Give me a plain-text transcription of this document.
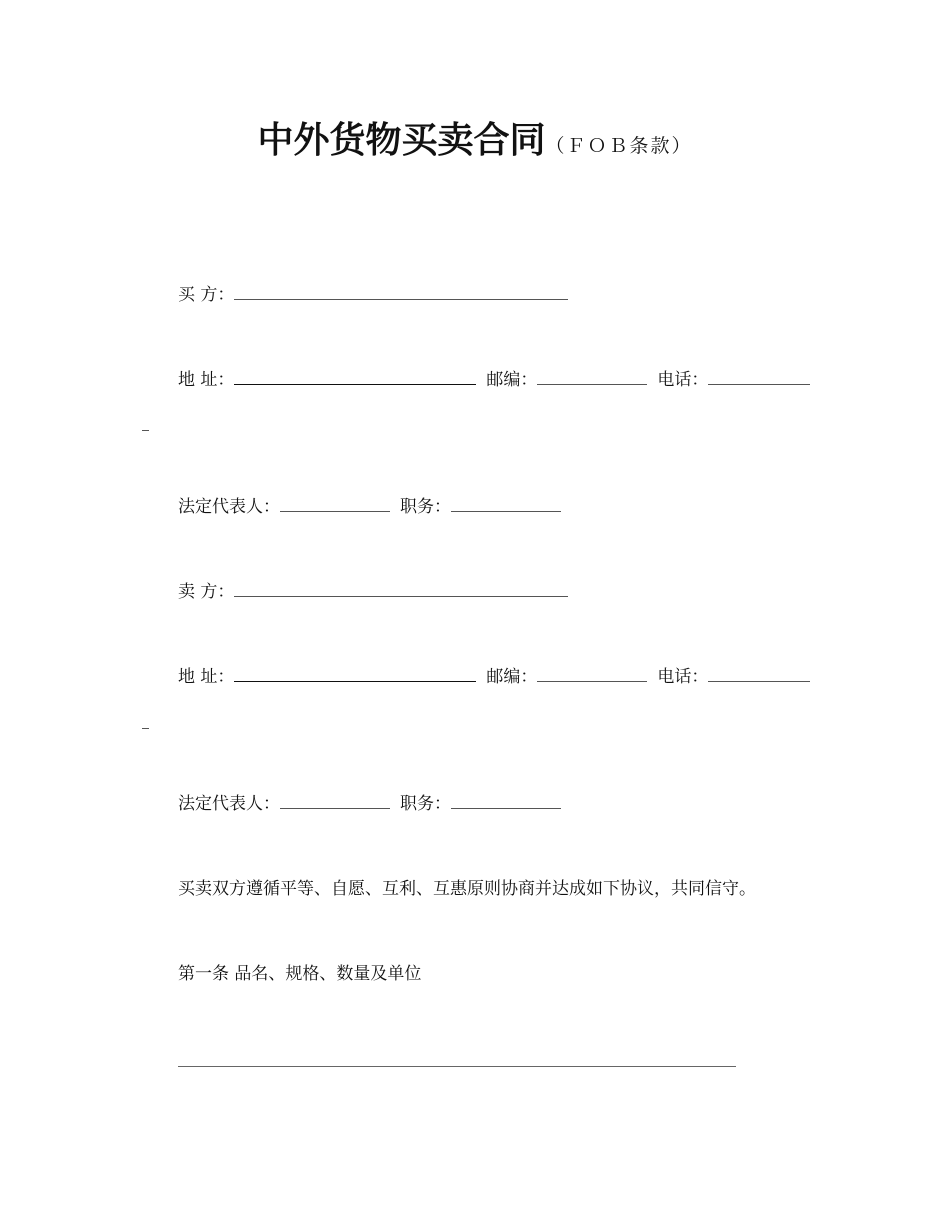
中外货物买卖合同（ＦＯＢ条款）
买 方：
地 址：	邮编：	电话：
法定代表人：	职务：
卖 方：
地 址：	邮编：	电话：
法定代表人：	职务：
买卖双方遵循平等、自愿、互利、互惠原则协商并达成如下协议，共同信守。
第一条 品名、规格、数量及单位
